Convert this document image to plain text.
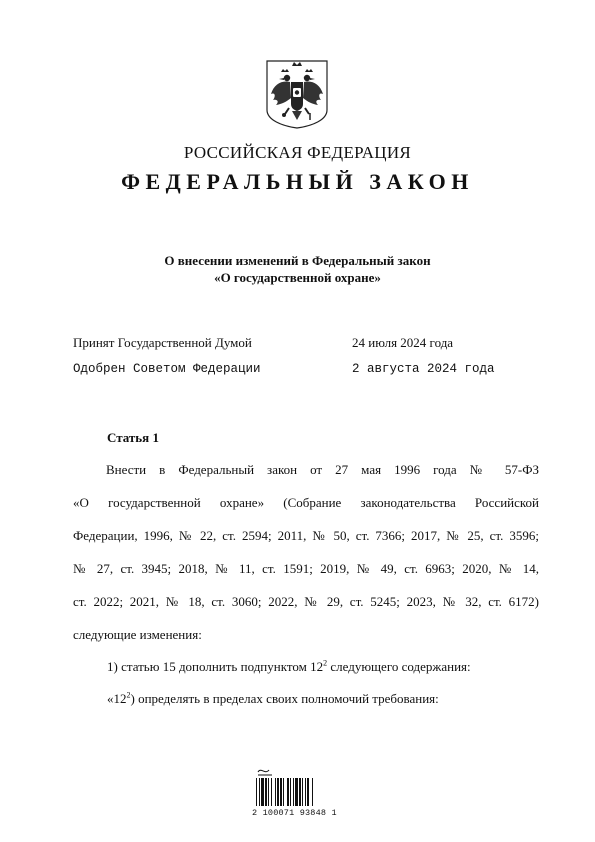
РОССИЙСКАЯ ФЕДЕРАЦИЯ
ФЕДЕРАЛЬНЫЙ ЗАКОН
О внесении изменений в Федеральный закон
«О государственной охране»
Принят Государственной Думой	24 июля 2024 года
Одобрен Советом Федерации	2 августа 2024 года
Статья 1
Внести в Федеральный закон от 27 мая 1996 года № 57-ФЗ
«О государственной охране» (Собрание законодательства Российской
Федерации, 1996, № 22, ст. 2594; 2011, № 50, ст. 7366; 2017, № 25, ст. 3596;
№ 27, ст. 3945; 2018, № 11, ст. 1591; 2019, № 49, ст. 6963; 2020, № 14,
ст. 2022; 2021, № 18, ст. 3060; 2022, № 29, ст. 5245; 2023, № 32, ст. 6172)
следующие изменения:
1) статью 15 дополнить подпунктом $12^2$ следующего содержания:
«$12^2$) определять в пределах своих полномочий требования:
2 100071 93848 1
